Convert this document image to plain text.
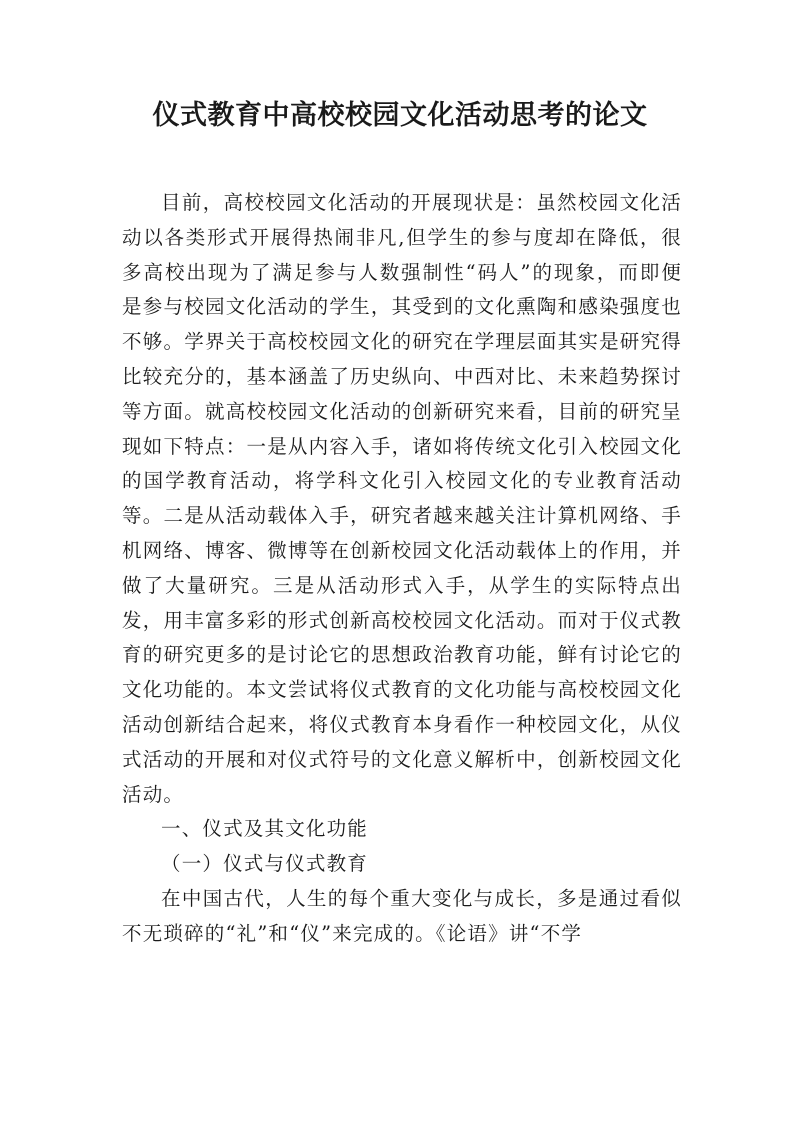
仪式教育中高校校园文化活动思考的论文

目前，高校校园文化活动的开展现状是：虽然校园文化活动以各类形式开展得热闹非凡,但学生的参与度却在降低，很多高校出现为了满足参与人数强制性“码人”的现象，而即便是参与校园文化活动的学生，其受到的文化熏陶和感染强度也不够。学界关于高校校园文化的研究在学理层面其实是研究得比较充分的，基本涵盖了历史纵向、中西对比、未来趋势探讨等方面。就高校校园文化活动的创新研究来看，目前的研究呈现如下特点：一是从内容入手，诸如将传统文化引入校园文化的国学教育活动，将学科文化引入校园文化的专业教育活动等。二是从活动载体入手，研究者越来越关注计算机网络、手机网络、博客、微博等在创新校园文化活动载体上的作用，并做了大量研究。三是从活动形式入手，从学生的实际特点出发，用丰富多彩的形式创新高校校园文化活动。而对于仪式教育的研究更多的是讨论它的思想政治教育功能，鲜有讨论它的文化功能的。本文尝试将仪式教育的文化功能与高校校园文化活动创新结合起来，将仪式教育本身看作一种校园文化，从仪式活动的开展和对仪式符号的文化意义解析中，创新校园文化活动。

一、仪式及其文化功能

（一）仪式与仪式教育

在中国古代，人生的每个重大变化与成长，多是通过看似不无琐碎的“礼”和“仪”来完成的。《论语》讲“不学
